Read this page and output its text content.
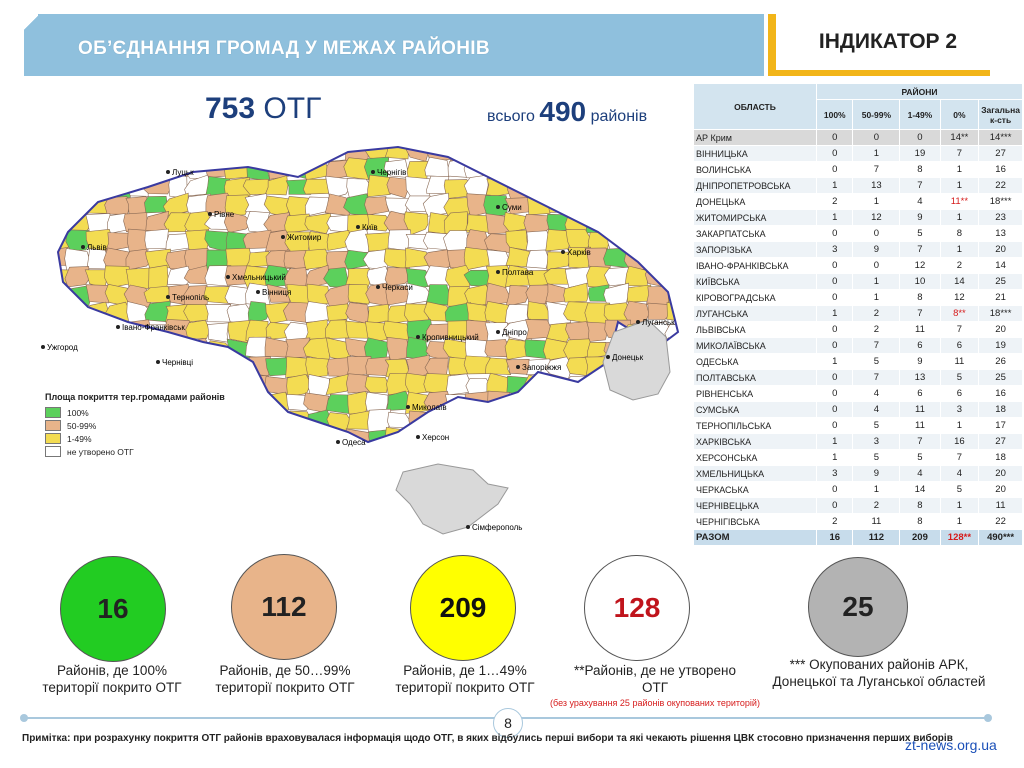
ОБ’ЄДНАННЯ ГРОМАД У МЕЖАХ РАЙОНІВ	ІНДИКАТОР 2
753 ОТГ	всього 490 районів
Луцьк
Рівне
Житомир
Київ
Чернігів
Суми
Харків
Полтава
Луганськ
Львів
Тернопіль
Хмельницький
Вінниця
Черкаси
Івано-Франківськ
Ужгород
Чернівці
Кропивницький
Дніпро
Запоріжжя
Донецьк
Миколаїв
Херсон
Одеса
Сімферополь
Площа покриття тер.громадами районів
100%
50-99%
1-49%
не утворено ОТГ
ОБЛАСТЬ	РАЙОНИ				
	100%	50-99%	1-49%	0%	Загальна к-сть
АР Крим	0	0	0	14**	14***
ВІННИЦЬКА	0	1	19	7	27
ВОЛИНСЬКА	0	7	8	1	16
ДНІПРОПЕТРОВСЬКА	1	13	7	1	22
ДОНЕЦЬКА	2	1	4	11**	18***
ЖИТОМИРСЬКА	1	12	9	1	23
ЗАКАРПАТСЬКА	0	0	5	8	13
ЗАПОРІЗЬКА	3	9	7	1	20
ІВАНО-ФРАНКІВСЬКА	0	0	12	2	14
КИЇВСЬКА	0	1	10	14	25
КІРОВОГРАДСЬКА	0	1	8	12	21
ЛУГАНСЬКА	1	2	7	8**	18***
ЛЬВІВСЬКА	0	2	11	7	20
МИКОЛАЇВСЬКА	0	7	6	6	19
ОДЕСЬКА	1	5	9	11	26
ПОЛТАВСЬКА	0	7	13	5	25
РІВНЕНСЬКА	0	4	6	6	16
СУМСЬКА	0	4	11	3	18
ТЕРНОПІЛЬСЬКА	0	5	11	1	17
ХАРКІВСЬКА	1	3	7	16	27
ХЕРСОНСЬКА	1	5	5	7	18
ХМЕЛЬНИЦЬКА	3	9	4	4	20
ЧЕРКАСЬКА	0	1	14	5	20
ЧЕРНІВЕЦЬКА	0	2	8	1	11
ЧЕРНІГІВСЬКА	2	11	8	1	22
РАЗОМ	16	112	209	128**	490***
16	112	209	128	25
Районів, де 100% території покрито ОТГ
Районів, де 50…99% території покрито ОТГ
Районів, де 1…49% території покрито ОТГ
**Районів, де не утворено ОТГ
*** Окупованих районів АРК, Донецької та Луганської областей
(без урахування 25 районів окупованих територій)
8
Примітка: при розрахунку покриття ОТГ районів враховувалася інформація щодо ОТГ, в яких відбулись перші вибори та які чекають рішення ЦВК стосовно призначення перших виборів
zt-news.org.ua
